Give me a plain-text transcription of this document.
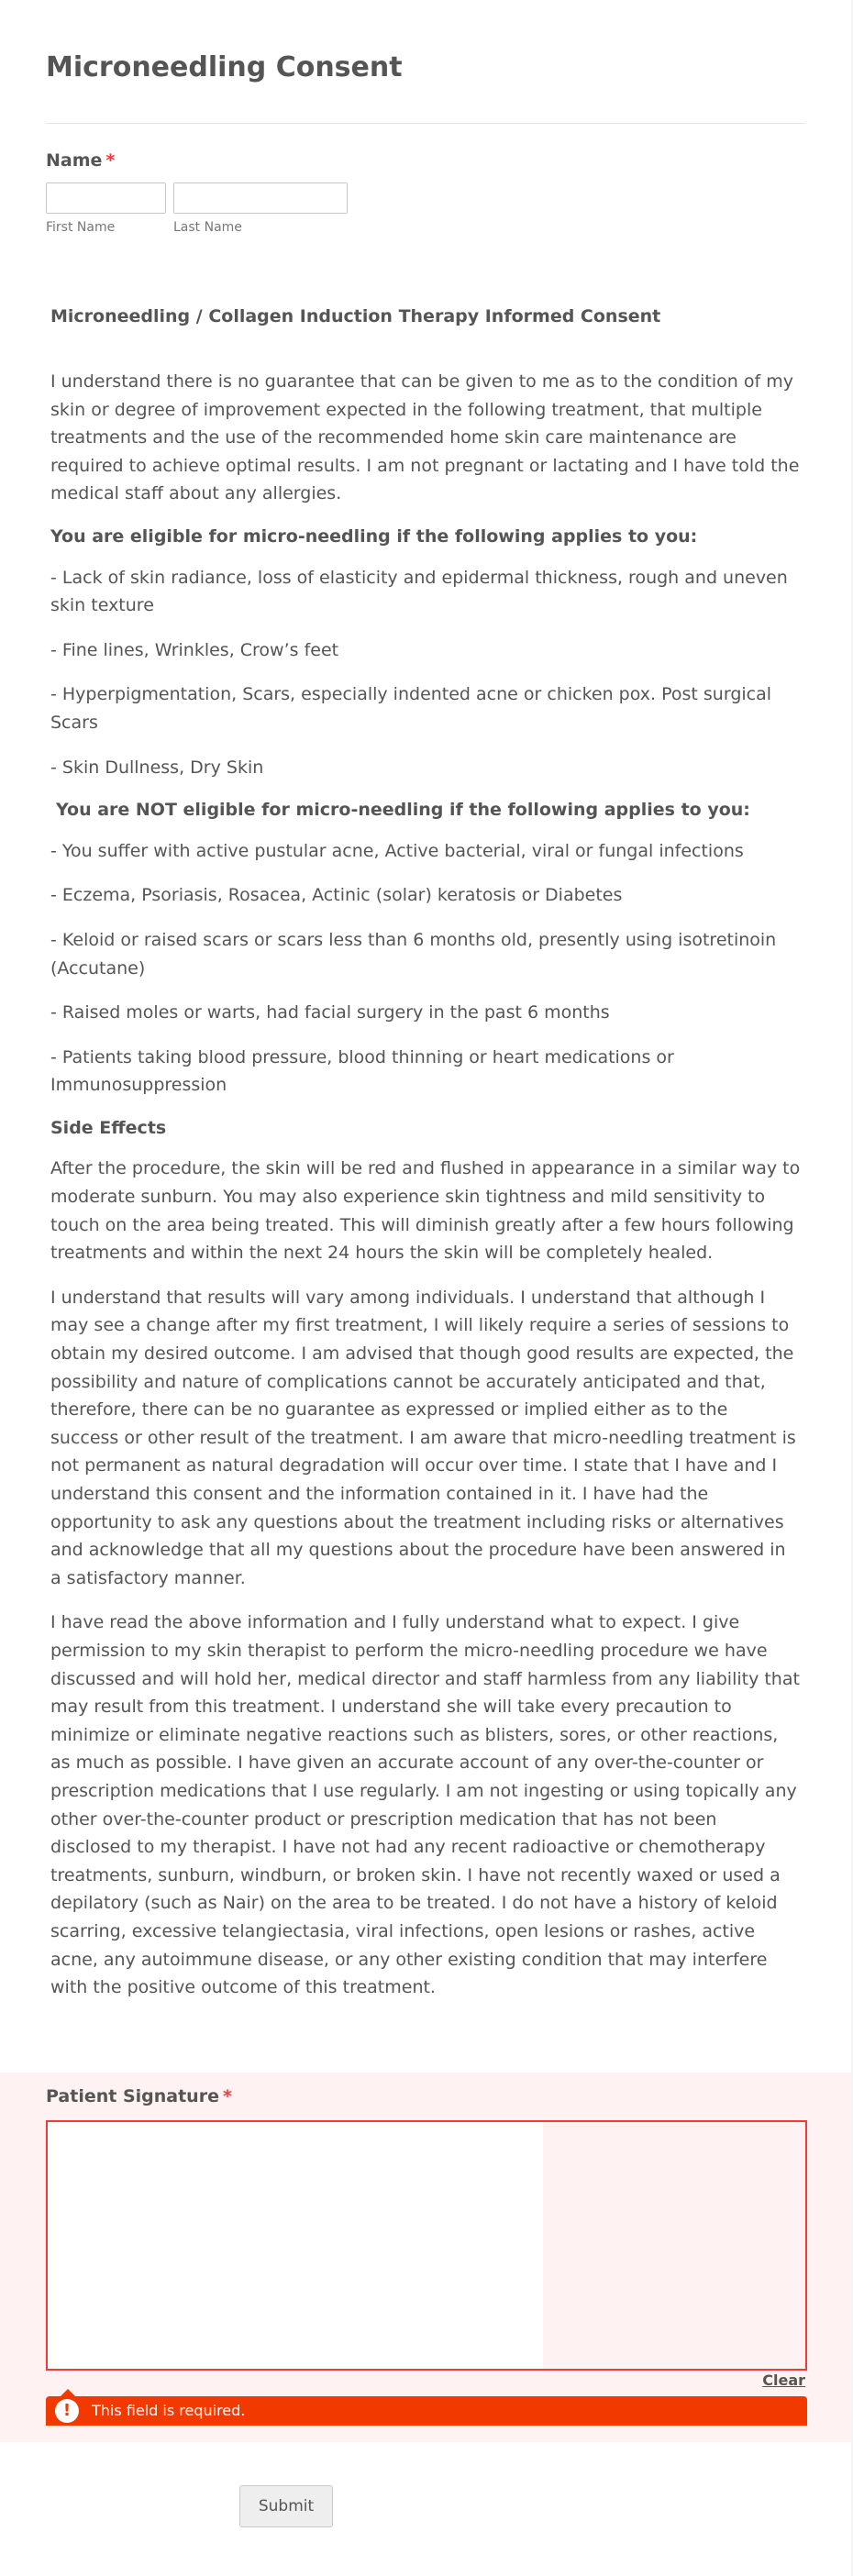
Microneedling Consent
Name *
First Name	Last Name
Microneedling / Collagen Induction Therapy Informed Consent

I understand there is no guarantee that can be given to me as to the condition of my skin or degree of improvement expected in the following treatment, that multiple treatments and the use of the recommended home skin care maintenance are required to achieve optimal results. I am not pregnant or lactating and I have told the medical staff about any allergies.

You are eligible for micro-needling if the following applies to you:

- Lack of skin radiance, loss of elasticity and epidermal thickness, rough and uneven skin texture

- Fine lines, Wrinkles, Crow’s feet

- Hyperpigmentation, Scars, especially indented acne or chicken pox. Post surgical Scars

- Skin Dullness, Dry Skin

You are NOT eligible for micro-needling if the following applies to you:

- You suffer with active pustular acne, Active bacterial, viral or fungal infections

- Eczema, Psoriasis, Rosacea, Actinic (solar) keratosis or Diabetes

- Keloid or raised scars or scars less than 6 months old, presently using isotretinoin (Accutane)

- Raised moles or warts, had facial surgery in the past 6 months

- Patients taking blood pressure, blood thinning or heart medications or Immunosuppression

Side Effects

After the procedure, the skin will be red and flushed in appearance in a similar way to moderate sunburn. You may also experience skin tightness and mild sensitivity to touch on the area being treated. This will diminish greatly after a few hours following treatments and within the next 24 hours the skin will be completely healed.

I understand that results will vary among individuals. I understand that although I may see a change after my first treatment, I will likely require a series of sessions to obtain my desired outcome. I am advised that though good results are expected, the possibility and nature of complications cannot be accurately anticipated and that, therefore, there can be no guarantee as expressed or implied either as to the success or other result of the treatment. I am aware that micro-needling treatment is not permanent as natural degradation will occur over time. I state that I have and I understand this consent and the information contained in it. I have had the opportunity to ask any questions about the treatment including risks or alternatives and acknowledge that all my questions about the procedure have been answered in a satisfactory manner.

I have read the above information and I fully understand what to expect. I give permission to my skin therapist to perform the micro-needling procedure we have discussed and will hold her, medical director and staff harmless from any liability that may result from this treatment. I understand she will take every precaution to minimize or eliminate negative reactions such as blisters, sores, or other reactions, as much as possible. I have given an accurate account of any over-the-counter or prescription medications that I use regularly. I am not ingesting or using topically any other over-the-counter product or prescription medication that has not been disclosed to my therapist. I have not had any recent radioactive or chemotherapy treatments, sunburn, windburn, or broken skin. I have not recently waxed or used a depilatory (such as Nair) on the area to be treated. I do not have a history of keloid scarring, excessive telangiectasia, viral infections, open lesions or rashes, active acne, any autoimmune disease, or any other existing condition that may interfere with the positive outcome of this treatment.

Patient Signature *
Clear
!	This field is required.
Submit
